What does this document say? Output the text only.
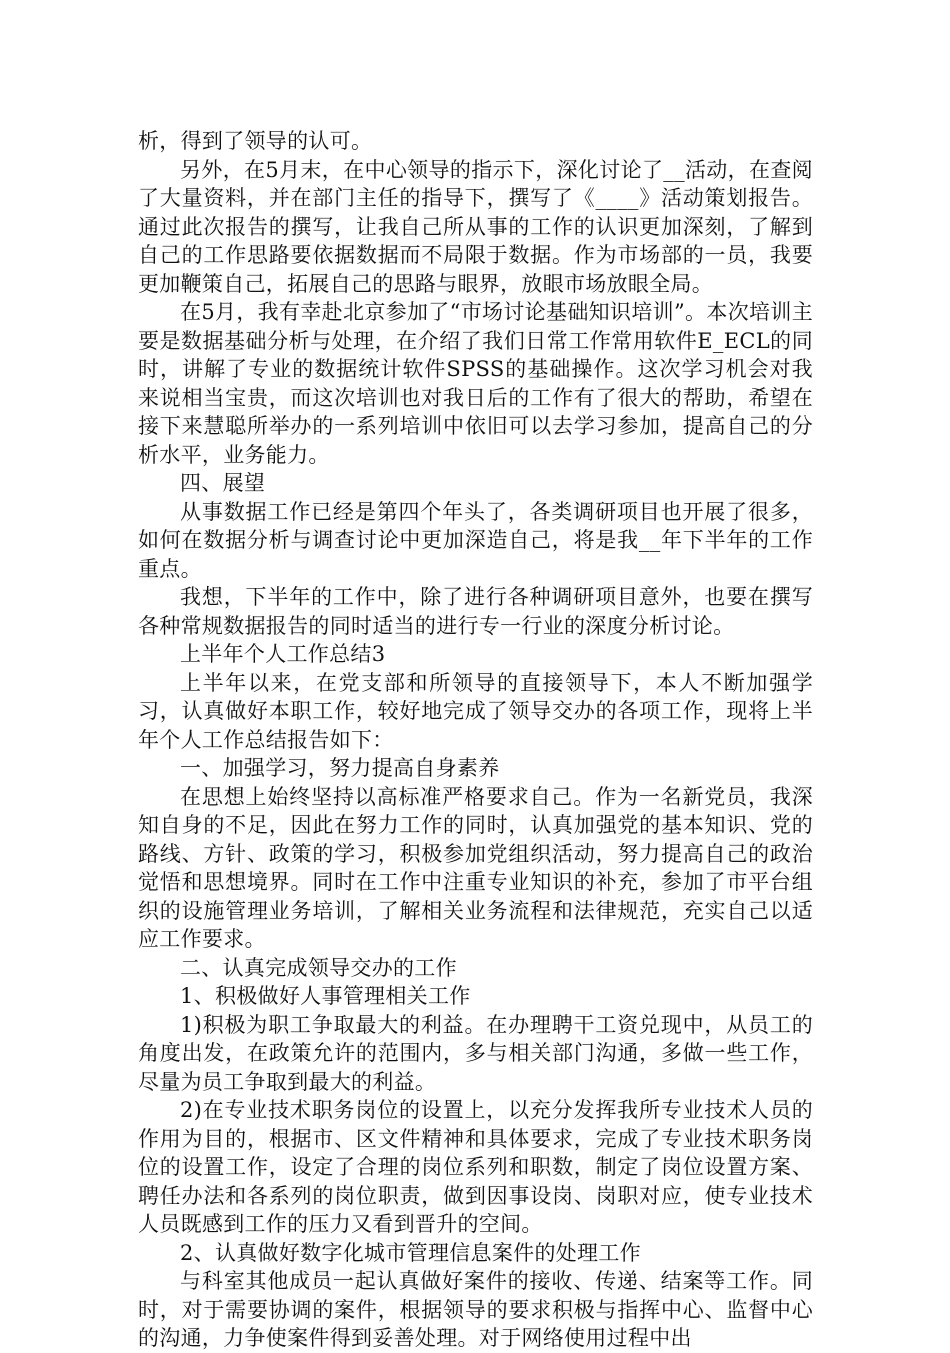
析，得到了领导的认可。

另外，在5月末，在中心领导的指示下，深化讨论了__活动，在查阅了大量资料，并在部门主任的指导下，撰写了《____》活动策划报告。通过此次报告的撰写，让我自己所从事的工作的认识更加深刻，了解到自己的工作思路要依据数据而不局限于数据。作为市场部的一员，我要更加鞭策自己，拓展自己的思路与眼界，放眼市场放眼全局。

在5月，我有幸赴北京参加了“市场讨论基础知识培训”。本次培训主要是数据基础分析与处理，在介绍了我们日常工作常用软件E_ECL的同时，讲解了专业的数据统计软件SPSS的基础操作。这次学习机会对我来说相当宝贵，而这次培训也对我日后的工作有了很大的帮助，希望在接下来慧聪所举办的一系列培训中依旧可以去学习参加，提高自己的分析水平，业务能力。

四、展望

从事数据工作已经是第四个年头了，各类调研项目也开展了很多，如何在数据分析与调查讨论中更加深造自己，将是我__年下半年的工作重点。

我想，下半年的工作中，除了进行各种调研项目意外，也要在撰写各种常规数据报告的同时适当的进行专一行业的深度分析讨论。

上半年个人工作总结3

上半年以来，在党支部和所领导的直接领导下，本人不断加强学习，认真做好本职工作，较好地完成了领导交办的各项工作，现将上半年个人工作总结报告如下：

一、加强学习，努力提高自身素养

在思想上始终坚持以高标准严格要求自己。作为一名新党员，我深知自身的不足，因此在努力工作的同时，认真加强党的基本知识、党的路线、方针、政策的学习，积极参加党组织活动，努力提高自己的政治觉悟和思想境界。同时在工作中注重专业知识的补充，参加了市平台组织的设施管理业务培训，了解相关业务流程和法律规范，充实自己以适应工作要求。

二、认真完成领导交办的工作

1、积极做好人事管理相关工作

1)积极为职工争取最大的利益。在办理聘干工资兑现中，从员工的角度出发，在政策允许的范围内，多与相关部门沟通，多做一些工作，尽量为员工争取到最大的利益。

2)在专业技术职务岗位的设置上，以充分发挥我所专业技术人员的作用为目的，根据市、区文件精神和具体要求，完成了专业技术职务岗位的设置工作，设定了合理的岗位系列和职数，制定了岗位设置方案、聘任办法和各系列的岗位职责，做到因事设岗、岗职对应，使专业技术人员既感到工作的压力又看到晋升的空间。

2、认真做好数字化城市管理信息案件的处理工作

与科室其他成员一起认真做好案件的接收、传递、结案等工作。同时，对于需要协调的案件，根据领导的要求积极与指挥中心、监督中心的沟通，力争使案件得到妥善处理。对于网络使用过程中出
